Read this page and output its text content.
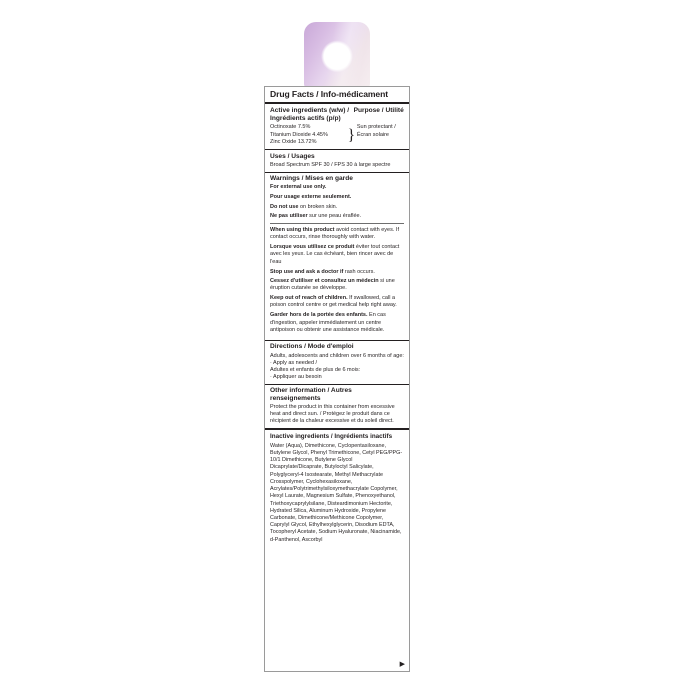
Drug Facts / Info-médicament
Active ingredients (w/w) / Ingrédients actifs (p/p)
Purpose / Utilité
Octinoxate 7.5%
Titanium Dioxide 4.45%
Zinc Oxide 13.72%	} Sun protectant / Écran solaire
Uses / Usages
Broad Spectrum SPF 30 / FPS 30 à large spectre
Warnings / Mises en garde

For external use only.

Pour usage externe seulement.

Do not use on broken skin.

Ne pas utiliser sur une peau éraflée.

When using this product avoid contact with eyes. If contact occurs, rinse thoroughly with water.

Lorsque vous utilisez ce produit éviter tout contact avec les yeux. Le cas échéant, bien rincer avec de l'eau

Stop use and ask a doctor if rash occurs.

Cessez d'utiliser et consultez un médecin si une éruption cutanée se développe.

Keep out of reach of children. If swallowed, call a poison control centre or get medical help right away.

Garder hors de la portée des enfants. En cas d'ingestion, appeler immédiatement un centre antipoison ou obtenir une assistance médicale.

Directions / Mode d'emploi
Adults, adolescents and children over 6 months of age:
· Apply as needed /
Adultes et enfants de plus de 6 mois:
· Appliquer au besoin
Other information / Autres renseignements
Protect the product in this container from excessive heat and direct sun. / Protégez le produit dans ce récipient de la chaleur excessive et du soleil direct.
Inactive ingredients / Ingrédients inactifs
Water (Aqua), Dimethicone, Cyclopentasiloxane, Butylene Glycol, Phenyl Trimethicone, Cetyl PEG/PPG-10/1 Dimethicone, Butylene Glycol Dicaprylate/Dicaprate, Butyloctyl Salicylate, Polyglyceryl-4 Isostearate, Methyl Methacrylate Crosspolymer, Cyclohexasiloxane, Acrylates/Polytrimethylsiloxymethacrylate Copolymer, Hexyl Laurate, Magnesium Sulfate, Phenoxyethanol, Triethoxycaprylylsilane, Disteardimonium Hectorite, Hydrated Silica, Aluminum Hydroxide, Propylene Carbonate, Dimethicone/Methicone Copolymer, Caprylyl Glycol, Ethylhexylglycerin, Disodium EDTA, Tocopheryl Acetate, Sodium Hyaluronate, Niacinamide, d-Panthenol, Ascorbyl
▶
